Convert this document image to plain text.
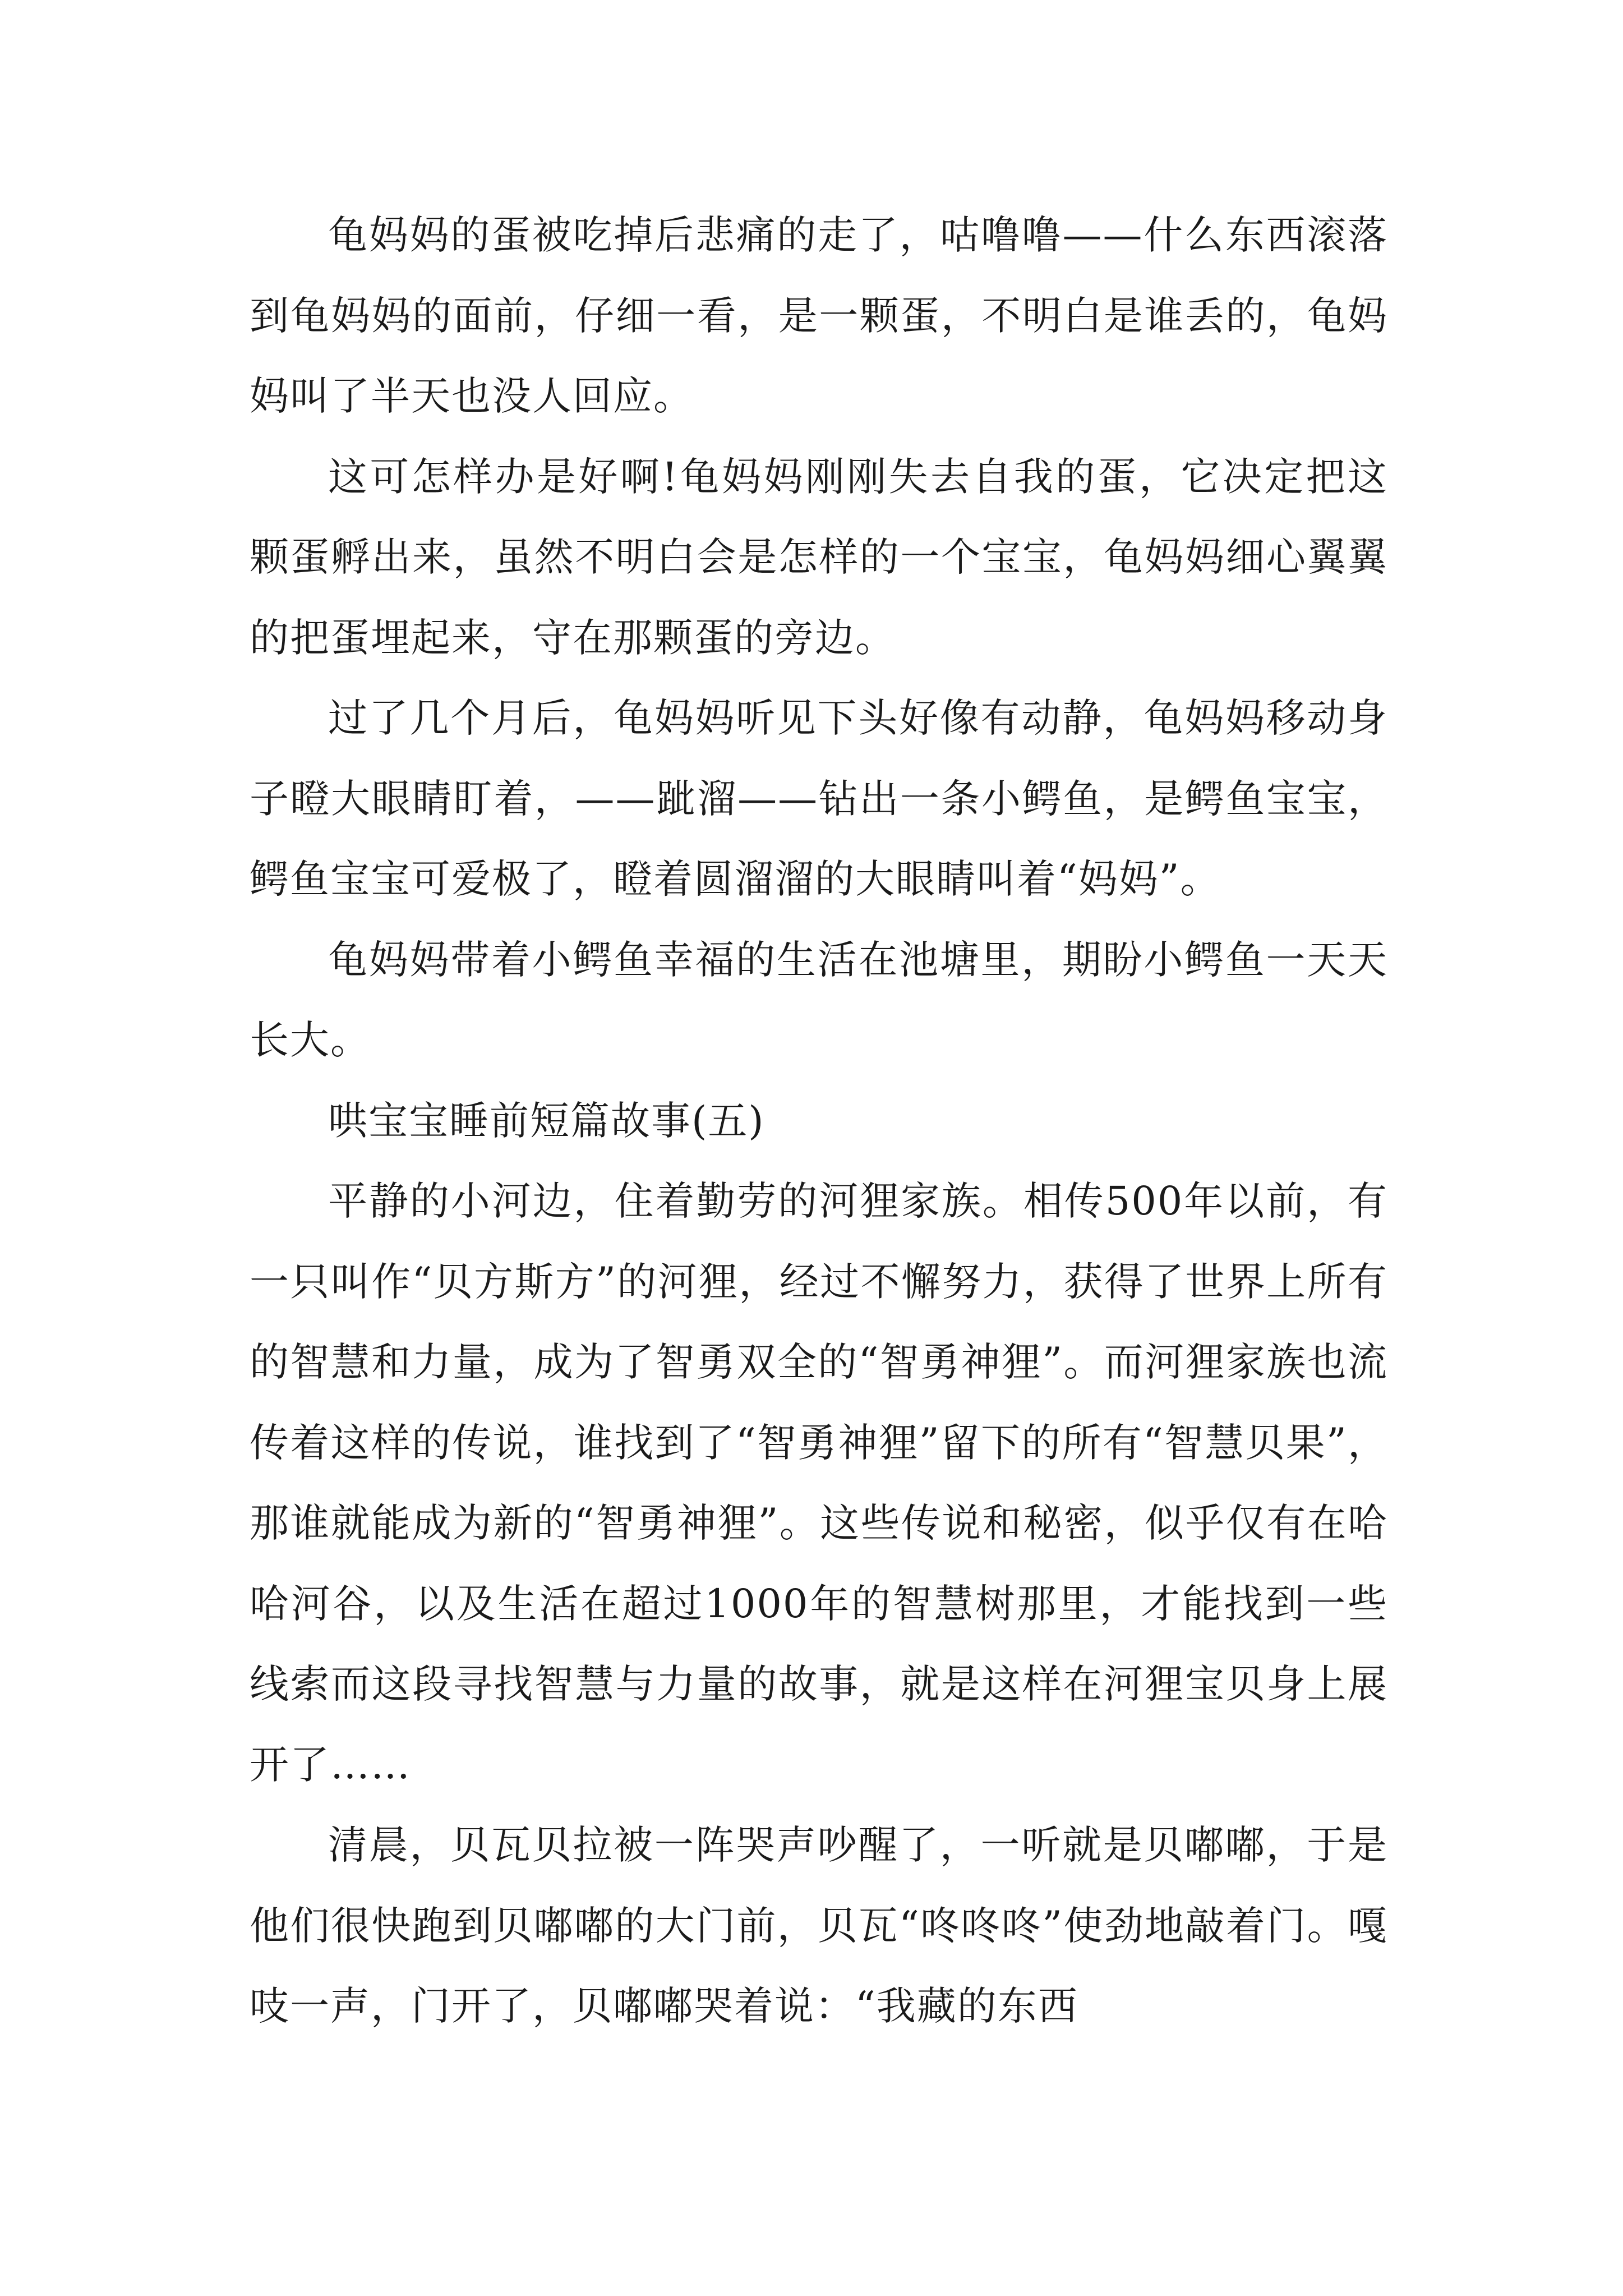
龟妈妈的蛋被吃掉后悲痛的走了，咕噜噜——什么东西滚落到龟妈妈的面前，仔细一看，是一颗蛋，不明白是谁丢的，龟妈妈叫了半天也没人回应。

这可怎样办是好啊!龟妈妈刚刚失去自我的蛋，它决定把这颗蛋孵出来，虽然不明白会是怎样的一个宝宝，龟妈妈细心翼翼的把蛋埋起来，守在那颗蛋的旁边。

过了几个月后，龟妈妈听见下头好像有动静，龟妈妈移动身子瞪大眼睛盯着，——跐溜——钻出一条小鳄鱼，是鳄鱼宝宝，鳄鱼宝宝可爱极了，瞪着圆溜溜的大眼睛叫着“妈妈”。

龟妈妈带着小鳄鱼幸福的生活在池塘里，期盼小鳄鱼一天天长大。

哄宝宝睡前短篇故事(五)

平静的小河边，住着勤劳的河狸家族。相传500年以前，有一只叫作“贝方斯方”的河狸，经过不懈努力，获得了世界上所有的智慧和力量，成为了智勇双全的“智勇神狸”。而河狸家族也流传着这样的传说，谁找到了“智勇神狸”留下的所有“智慧贝果”，那谁就能成为新的“智勇神狸”。这些传说和秘密，似乎仅有在哈哈河谷，以及生活在超过1000年的智慧树那里，才能找到一些线索而这段寻找智慧与力量的故事，就是这样在河狸宝贝身上展开了……

清晨，贝瓦贝拉被一阵哭声吵醒了，一听就是贝嘟嘟，于是他们很快跑到贝嘟嘟的大门前，贝瓦“咚咚咚”使劲地敲着门。嘎吱一声，门开了，贝嘟嘟哭着说：“我藏的东西
